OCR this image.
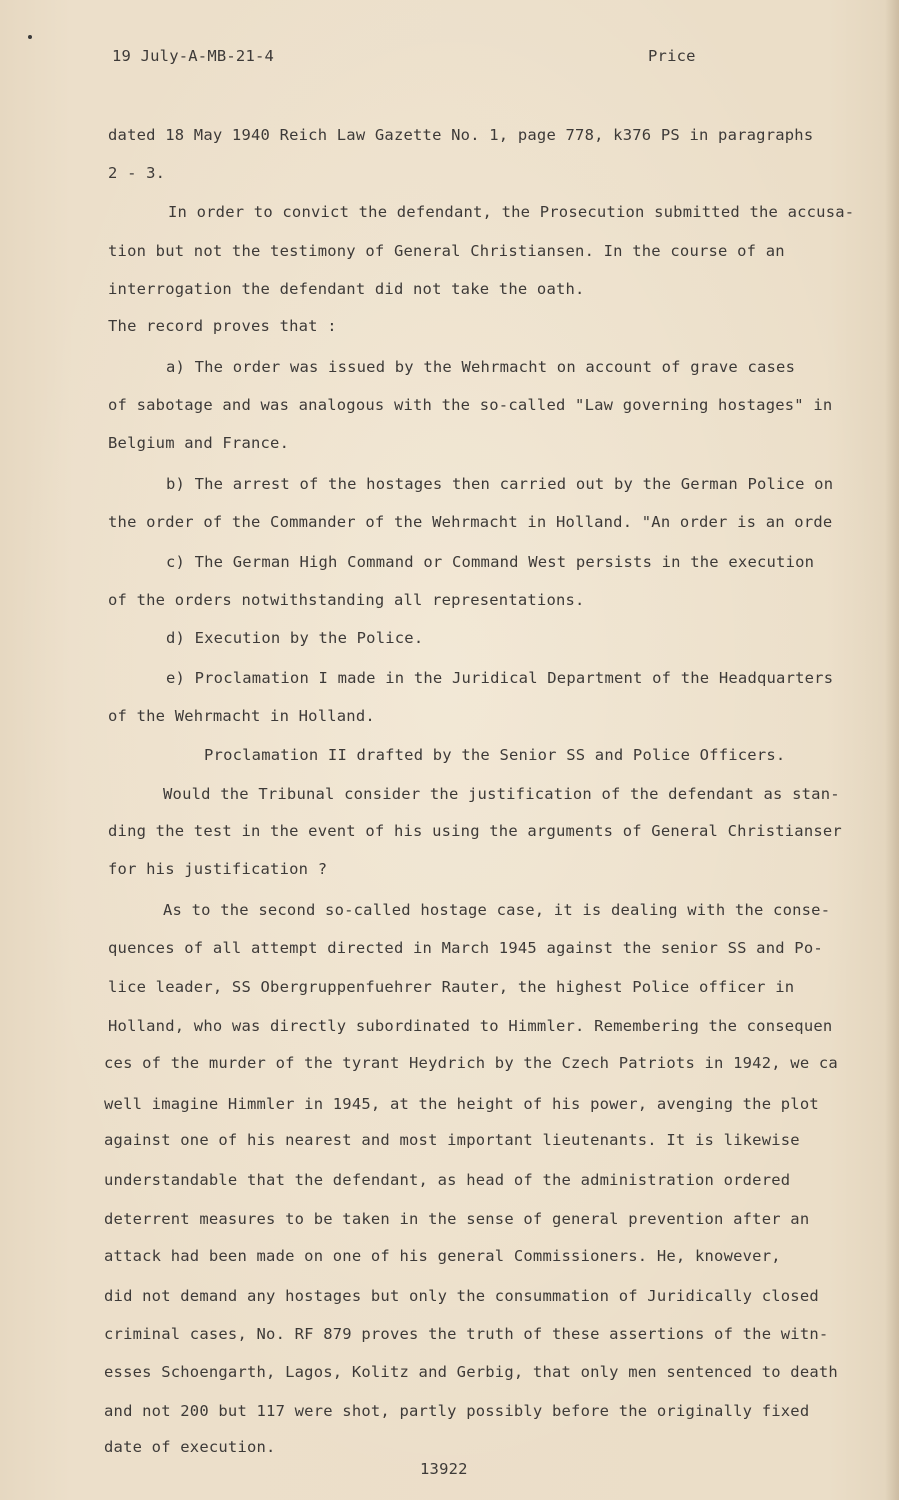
19 July-A-MB-21-4	Price
dated 18 May 1940 Reich Law Gazette No. 1, page 778, k376 PS in paragraphs
2 - 3.
In order to convict the defendant, the Prosecution submitted the accusa-
tion but not the testimony of General Christiansen. In the course of an
interrogation the defendant did not take the oath.
The record proves that :
a) The order was issued by the Wehrmacht on account of grave cases
of sabotage and was analogous with the so-called "Law governing hostages" in
Belgium and France.
b) The arrest of the hostages then carried out by the German Police on
the order of the Commander of the Wehrmacht in Holland. "An order is an orde
c) The German High Command or Command West persists in the execution
of the orders notwithstanding all representations.
d) Execution by the Police.
e) Proclamation I made in the Juridical Department of the Headquarters
of the Wehrmacht in Holland.
Proclamation II drafted by the Senior SS and Police Officers.
Would the Tribunal consider the justification of the defendant as stan-
ding the test in the event of his using the arguments of General Christianser
for his justification ?
As to the second so-called hostage case, it is dealing with the conse-
quences of all attempt directed in March 1945 against the senior SS and Po-
lice leader, SS Obergruppenfuehrer Rauter, the highest Police officer in
Holland, who was directly subordinated to Himmler. Remembering the consequen
ces of the murder of the tyrant Heydrich by the Czech Patriots in 1942, we ca
well imagine Himmler in 1945, at the height of his power, avenging the plot
against one of his nearest and most important lieutenants. It is likewise
understandable that the defendant, as head of the administration ordered
deterrent measures to be taken in the sense of general prevention after an
attack had been made on one of his general Commissioners. He, knowever,
did not demand any hostages but only the consummation of Juridically closed
criminal cases, No. RF 879 proves the truth of these assertions of the witn-
esses Schoengarth, Lagos, Kolitz and Gerbig, that only men sentenced to death
and not 200 but 117 were shot, partly possibly before the originally fixed
date of execution.
13922
